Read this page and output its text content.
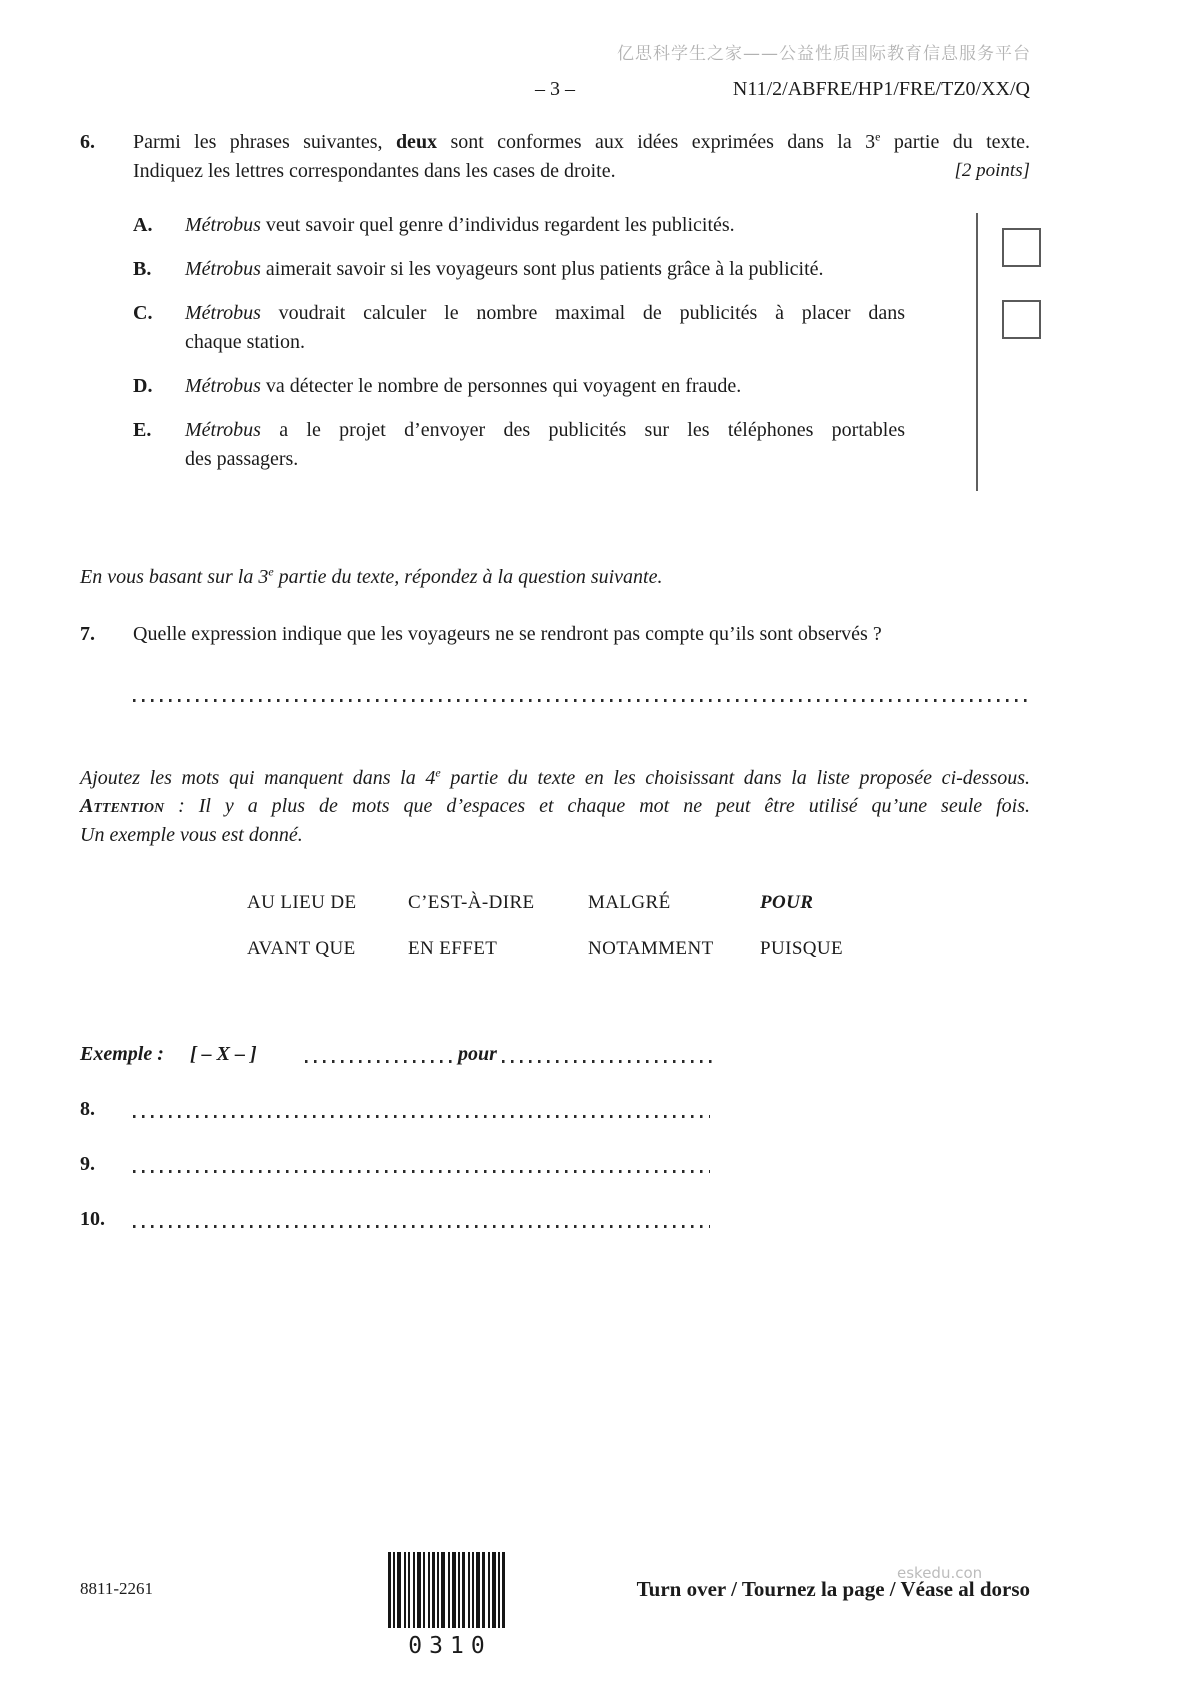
亿思科学生之家——公益性质国际教育信息服务平台
– 3 –	N11/2/ABFRE/HP1/FRE/TZ0/XX/Q
6.	Parmi les phrases suivantes, deux sont conformes aux idées exprimées dans la 3e partie du texte.
Indiquez les lettres correspondantes dans les cases de droite.	[2 points]
A.	Métrobus veut savoir quel genre d’individus regardent les publicités.
B.	Métrobus aimerait savoir si les voyageurs sont plus patients grâce à la publicité.
C.	Métrobus voudrait calculer le nombre maximal de publicités à placer dans
chaque station.
D.	Métrobus va détecter le nombre de personnes qui voyagent en fraude.
E.	Métrobus a le projet d’envoyer des publicités sur les téléphones portables
des passagers.
En vous basant sur la 3e partie du texte, répondez à la question suivante.
7.	Quelle expression indique que les voyageurs ne se rendront pas compte qu’ils sont observés ?
Ajoutez les mots qui manquent dans la 4e partie du texte en les choisissant dans la liste proposée ci-dessous.
Attention : Il y a plus de mots que d’espaces et chaque mot ne peut être utilisé qu’une seule fois.
Un exemple vous est donné.
AU LIEU DE	C’EST-À-DIRE	MALGRÉ	POUR
AVANT QUE	EN EFFET	NOTAMMENT	PUISQUE
Exemple :	[ – X – ]	pour
8.
9.
10.
8811-2261
0310
eskedu.con
Turn over / Tournez la page / Véase al dorso
